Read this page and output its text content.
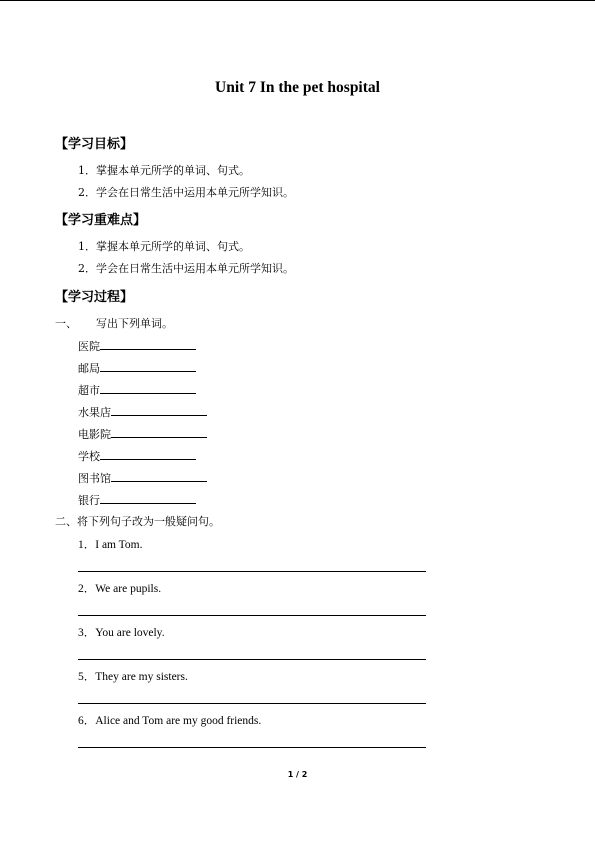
Unit 7 In the pet hospital
【学习目标】
1．掌握本单元所学的单词、句式。
2．学会在日常生活中运用本单元所学知识。
【学习重难点】
1．掌握本单元所学的单词、句式。
2．学会在日常生活中运用本单元所学知识。
【学习过程】
一、 写出下列单词。
医院
邮局
超市
水果店
电影院
学校
图书馆
银行
二、将下列句子改为一般疑问句。
1．I am Tom.
2．We are pupils.
3．You are lovely.
5．They are my sisters.
6．Alice and Tom are my good friends.
1 / 2
